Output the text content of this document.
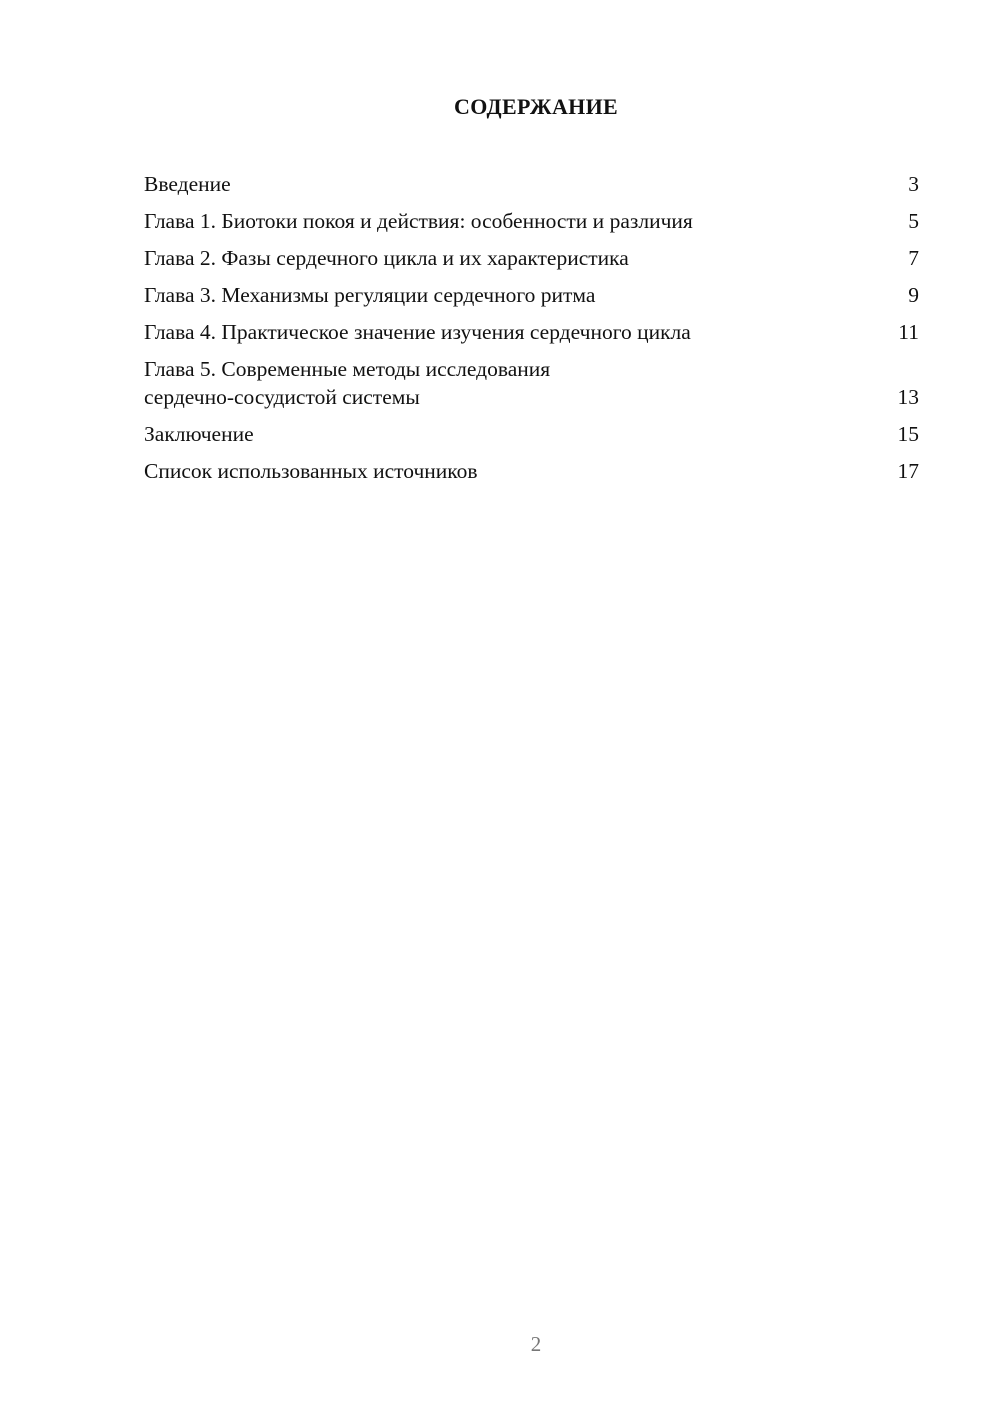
СОДЕРЖАНИЕ
Введение	3
Глава 1. Биотоки покоя и действия: особенности и различия	5
Глава 2. Фазы сердечного цикла и их характеристика	7
Глава 3. Механизмы регуляции сердечного ритма	9
Глава 4. Практическое значение изучения сердечного цикла	11
Глава 5. Современные методы исследования
сердечно-сосудистой системы	13
Заключение	15
Список использованных источников	17
2
